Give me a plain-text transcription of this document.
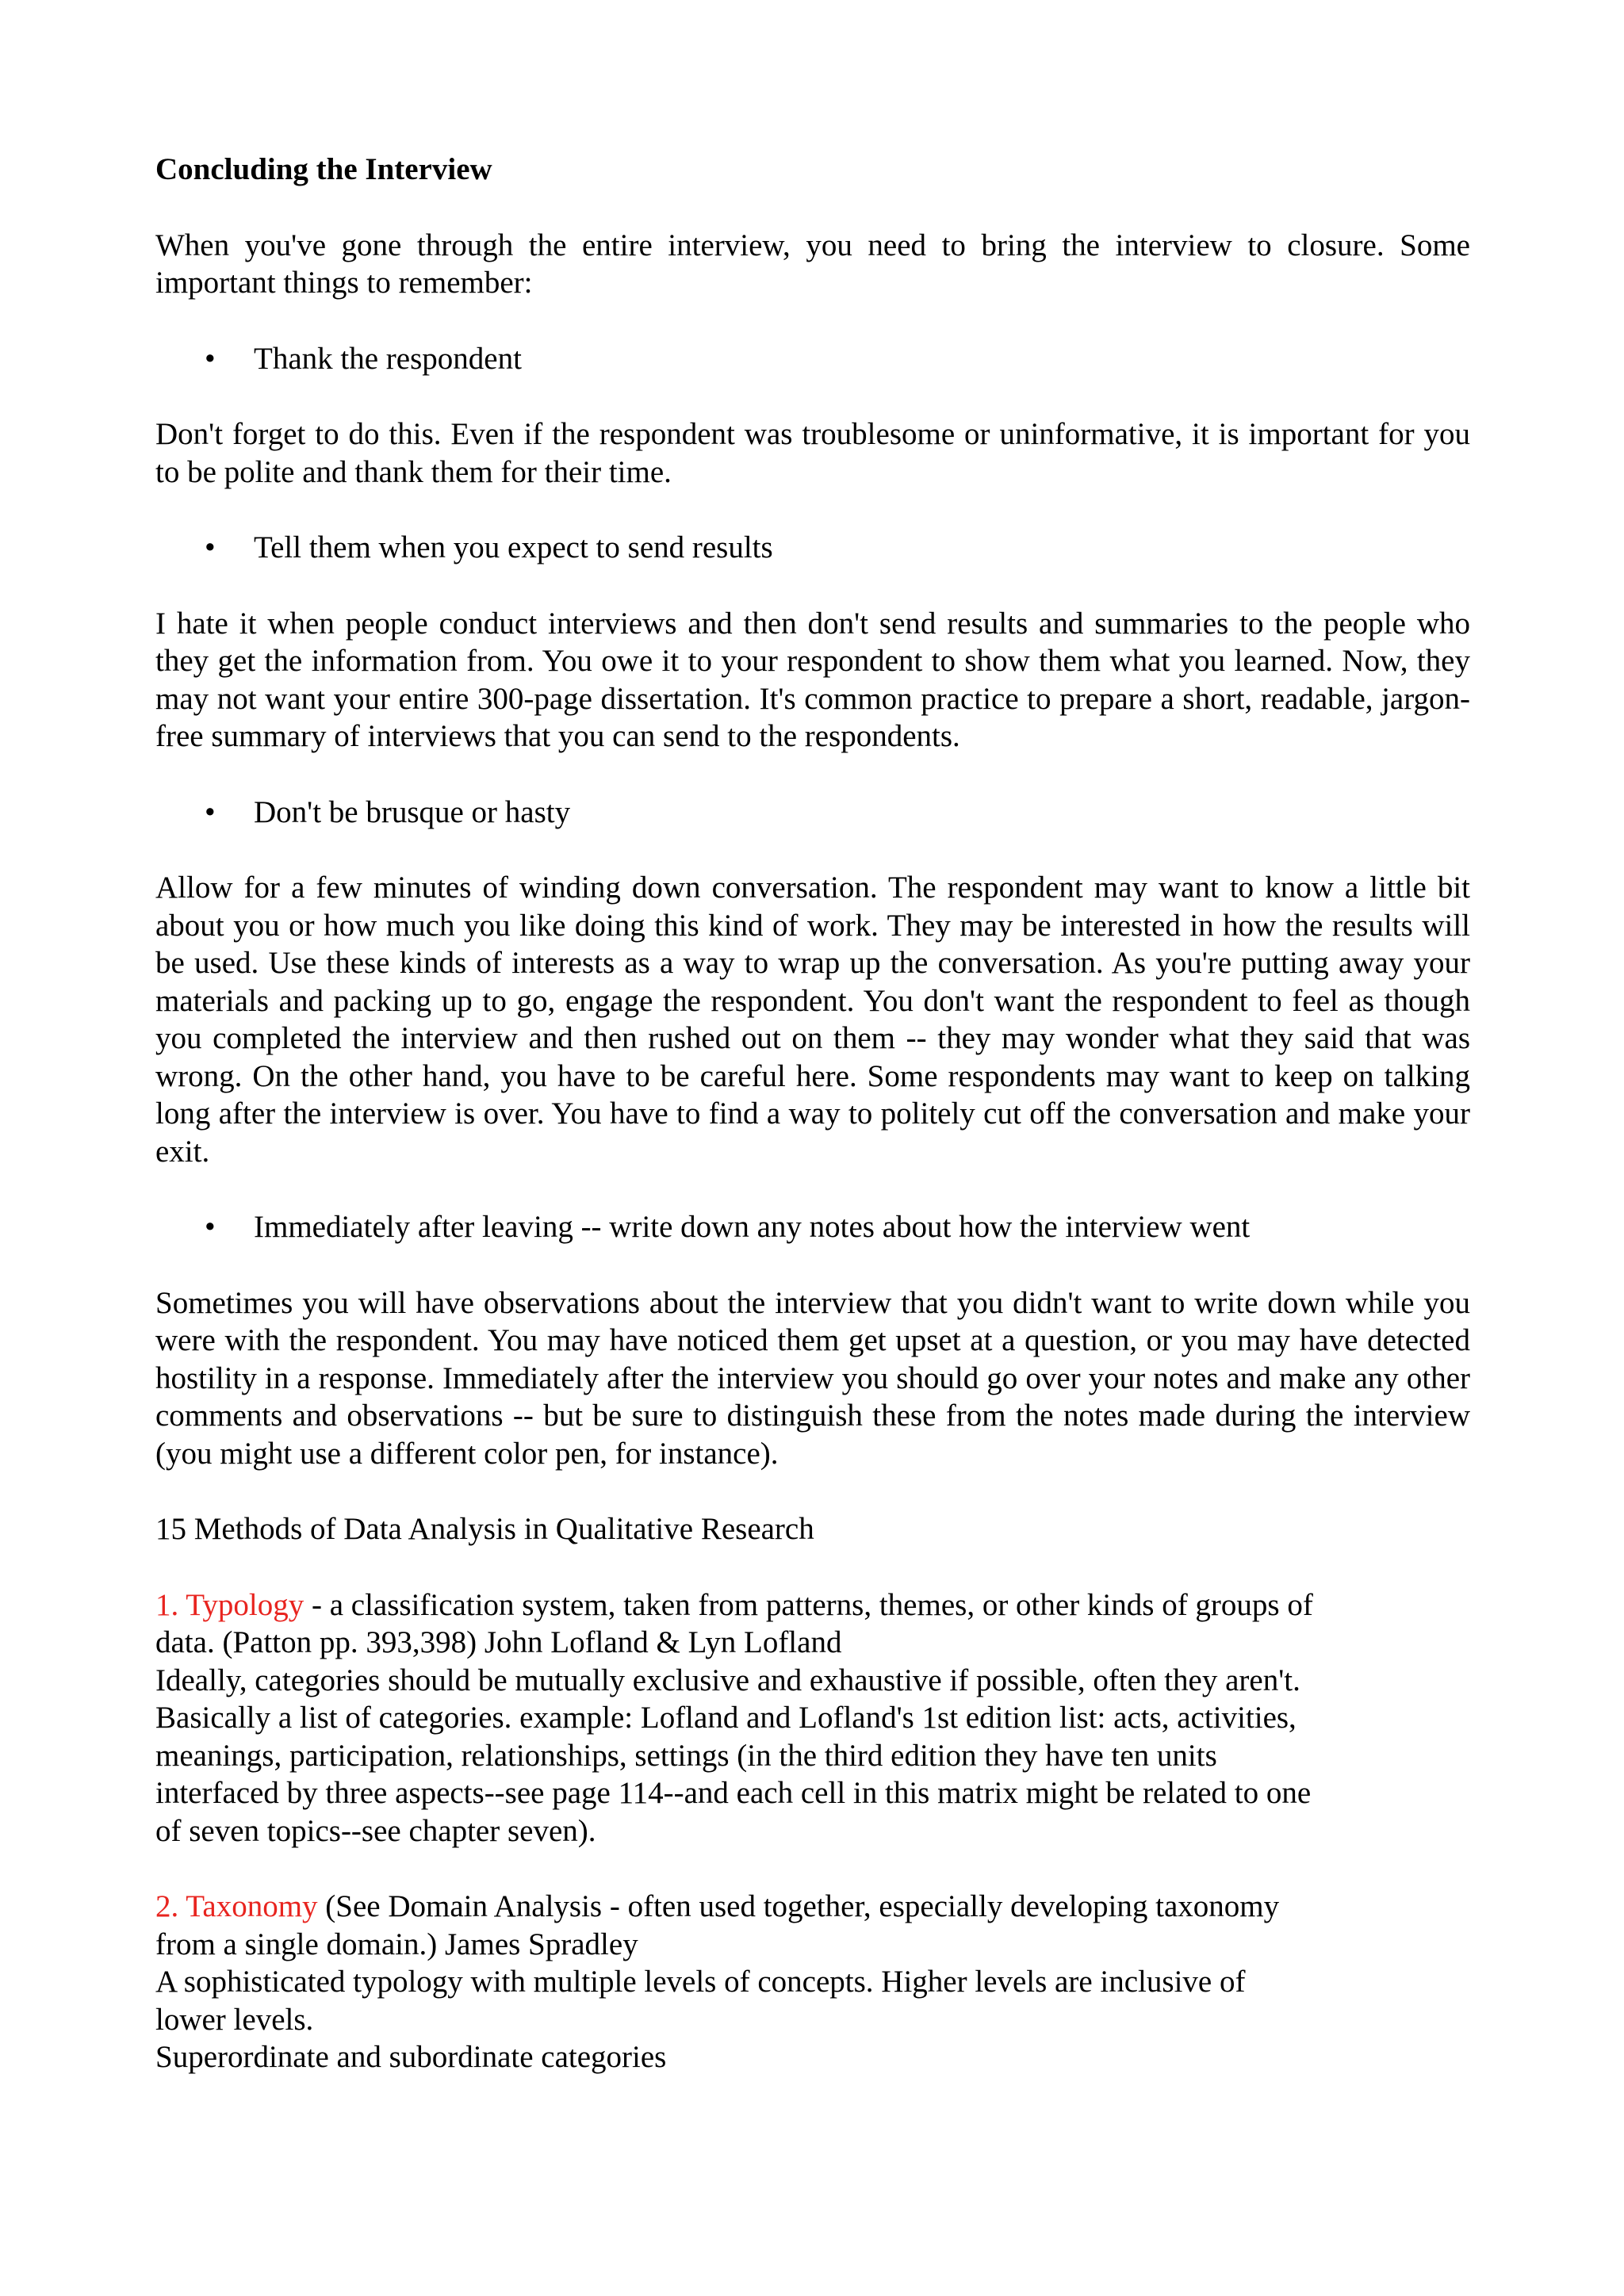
Concluding the Interview

When you've gone through the entire interview, you need to bring the interview to closure. Some important things to remember:

• Thank the respondent

Don't forget to do this. Even if the respondent was troublesome or uninformative, it is important for you to be polite and thank them for their time.

• Tell them when you expect to send results

I hate it when people conduct interviews and then don't send results and summaries to the people who they get the information from. You owe it to your respondent to show them what you learned. Now, they may not want your entire 300-page dissertation. It's common practice to prepare a short, readable, jargon-free summary of interviews that you can send to the respondents.

• Don't be brusque or hasty

Allow for a few minutes of winding down conversation. The respondent may want to know a little bit about you or how much you like doing this kind of work. They may be interested in how the results will be used. Use these kinds of interests as a way to wrap up the conversation. As you're putting away your materials and packing up to go, engage the respondent. You don't want the respondent to feel as though you completed the interview and then rushed out on them -- they may wonder what they said that was wrong. On the other hand, you have to be careful here. Some respondents may want to keep on talking long after the interview is over. You have to find a way to politely cut off the conversation and make your exit.

• Immediately after leaving -- write down any notes about how the interview went

Sometimes you will have observations about the interview that you didn't want to write down while you were with the respondent. You may have noticed them get upset at a question, or you may have detected hostility in a response. Immediately after the interview you should go over your notes and make any other comments and observations -- but be sure to distinguish these from the notes made during the interview (you might use a different color pen, for instance).

15 Methods of Data Analysis in Qualitative Research

1. Typology - a classification system, taken from patterns, themes, or other kinds of groups of data. (Patton pp. 393,398) John Lofland & Lyn Lofland

Ideally, categories should be mutually exclusive and exhaustive if possible, often they aren't.

Basically a list of categories. example: Lofland and Lofland's 1st edition list: acts, activities, meanings, participation, relationships, settings (in the third edition they have ten units interfaced by three aspects--see page 114--and each cell in this matrix might be related to one of seven topics--see chapter seven).

2. Taxonomy (See Domain Analysis - often used together, especially developing taxonomy from a single domain.) James Spradley

A sophisticated typology with multiple levels of concepts. Higher levels are inclusive of lower levels.

Superordinate and subordinate categories
